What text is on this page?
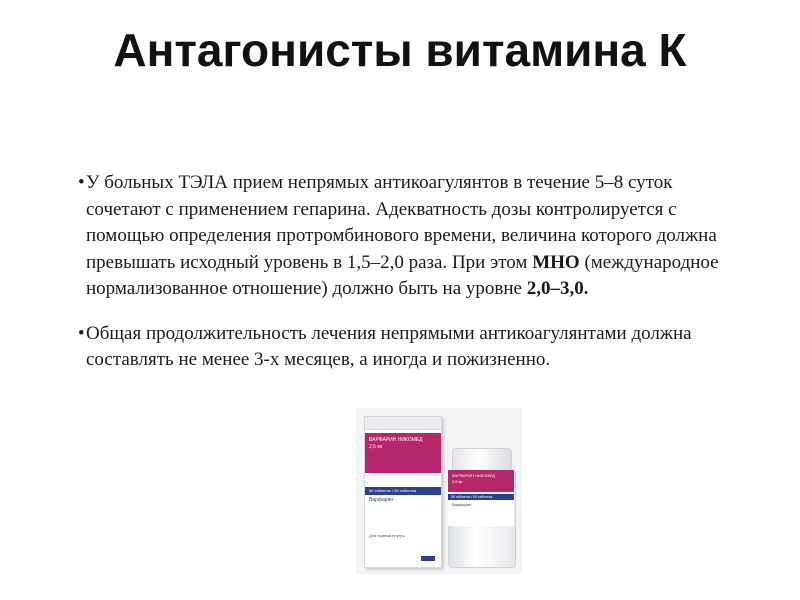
Антагонисты витамина К

• У больных ТЭЛА прием непрямых антикоагулянтов в течение 5–8 суток сочетают с применением гепарина. Адекватность дозы контролируется с помощью определения протромбинового времени, величина которого должна превышать исходный уровень в 1,5–2,0 раза. При этом МНО (международное нормализованное отношение) должно быть на уровне 2,0–3,0.

• Общая продолжительность лечения непрямыми антикоагулянтами должна составлять не менее 3-х месяцев, а иногда и пожизненно.

ВАРФАРИН НИКОМЕД
2,5 мг
50 таблеток / 50 таблетка
Варфарин
Для приема внутрь
ВАРФАРИН НИКОМЕД
2,5 мг
50 таблеток / 50 таблетка
Варфарин
